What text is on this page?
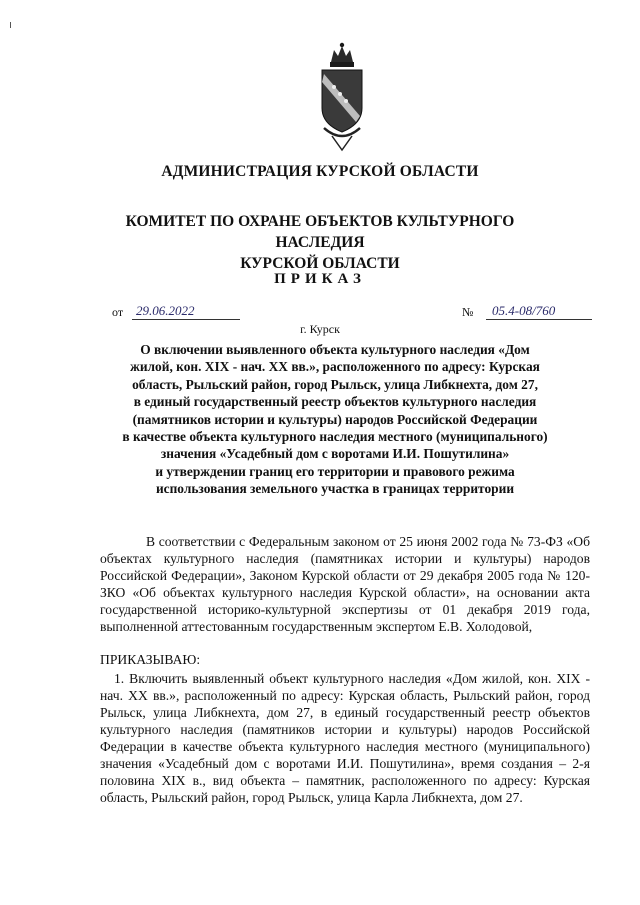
АДМИНИСТРАЦИЯ КУРСКОЙ ОБЛАСТИ
КОМИТЕТ ПО ОХРАНЕ ОБЪЕКТОВ КУЛЬТУРНОГО НАСЛЕДИЯ
КУРСКОЙ ОБЛАСТИ
ПРИКАЗ
от 29.06.2022	№	05.4-08/760
г. Курск
О включении выявленного объекта культурного наследия «Дом
жилой, кон. XIX - нач. XX вв.», расположенного по адресу: Курская
область, Рыльский район, город Рыльск, улица Либкнехта, дом 27,
в единый государственный реестр объектов культурного наследия
(памятников истории и культуры) народов Российской Федерации
в качестве объекта культурного наследия местного (муниципального)
значения «Усадебный дом с воротами И.И. Пошутилина»
и утверждении границ его территории и правового режима
использования земельного участка в границах территории
В соответствии с Федеральным законом от 25 июня 2002 года № 73-ФЗ «Об объектах культурного наследия (памятниках истории и культуры) народов Российской Федерации», Законом Курской области от 29 декабря 2005 года № 120-ЗКО «Об объектах культурного наследия Курской области», на основании акта государственной историко-культурной экспертизы от 01 декабря 2019 года, выполненной аттестованным государственным экспертом Е.В. Холодовой,
ПРИКАЗЫВАЮ:
1. Включить выявленный объект культурного наследия «Дом жилой, кон. XIX - нач. XX вв.», расположенный по адресу: Курская область, Рыльский район, город Рыльск, улица Либкнехта, дом 27, в единый государственный реестр объектов культурного наследия (памятников истории и культуры) народов Российской Федерации в качестве объекта культурного наследия местного (муниципального) значения «Усадебный дом с воротами И.И. Пошутилина», время создания – 2-я половина XIX в., вид объекта – памятник, расположенного по адресу: Курская область, Рыльский район, город Рыльск, улица Карла Либкнехта, дом 27.
